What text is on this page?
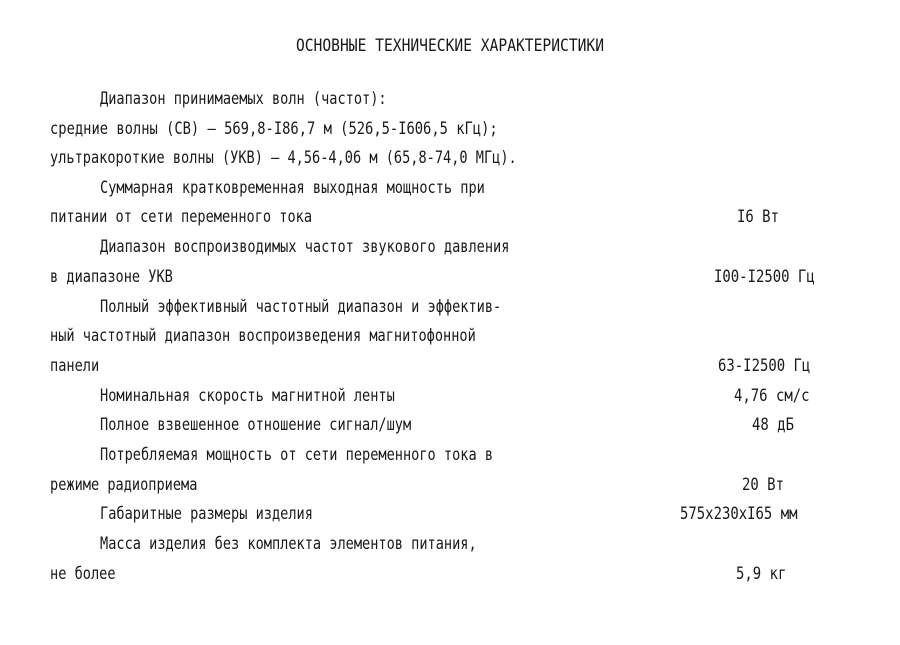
ОСНОВНЫЕ ТЕХНИЧЕСКИЕ ХАРАКТЕРИСТИКИ
Диапазон принимаемых волн (частот):
средние волны (СВ) – 569,8-I86,7 м (526,5-I606,5 кГц);
ультракороткие волны (УКВ) – 4,56-4,06 м (65,8-74,0 МГц).
Суммарная кратковременная выходная мощность при
питании от сети переменного тока	I6 Вт
Диапазон воспроизводимых частот звукового давления
в диапазоне УКВ	I00-I2500 Гц
Полный эффективный частотный диапазон и эффектив-
ный частотный диапазон воспроизведения магнитофонной
панели	63-I2500 Гц
Номинальная скорость магнитной ленты	4,76 см/с
Полное взвешенное отношение сигнал/шум	48 дБ
Потребляемая мощность от сети переменного тока в
режиме радиоприема	20 Вт
Габаритные размеры изделия	575x230xI65 мм
Масса изделия без комплекта элементов питания,
не более	5,9 кг
